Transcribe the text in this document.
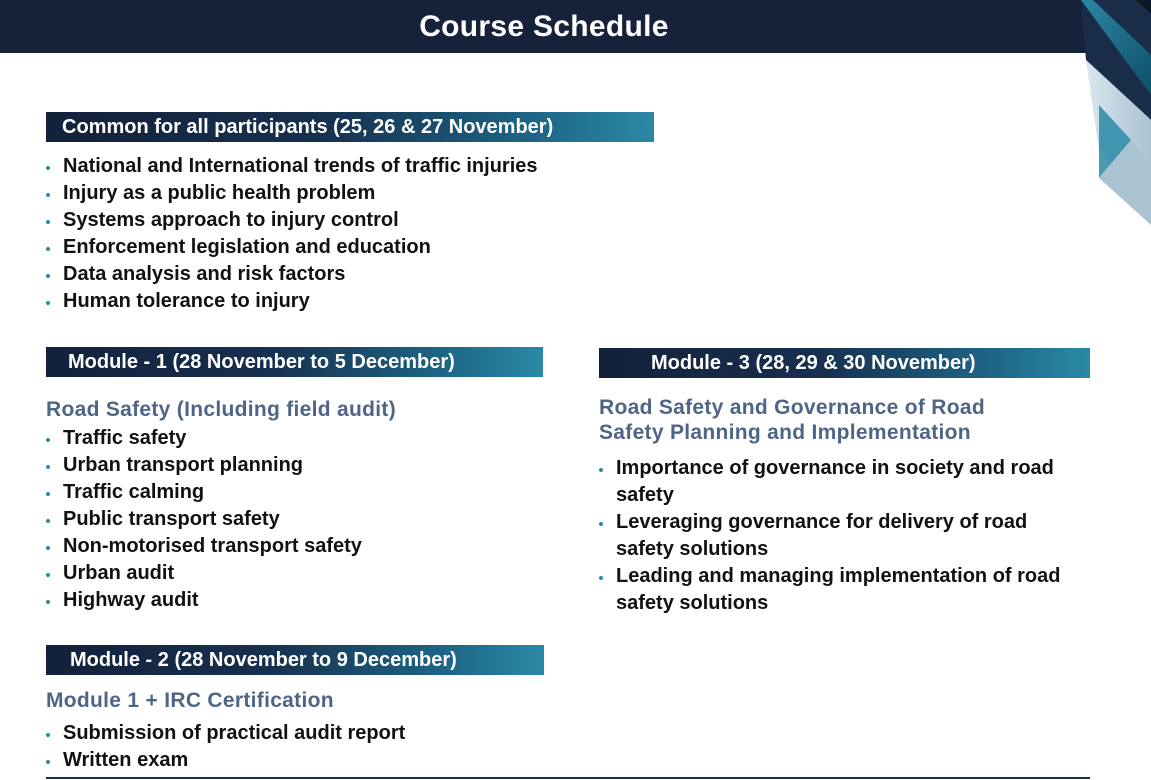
Course Schedule
Common for all participants (25, 26 & 27 November)
National and International trends of traffic injuries
Injury as a public health problem
Systems approach to injury control
Enforcement legislation and education
Data analysis and risk factors
Human tolerance to injury
Module - 1 (28 November to 5 December)
Road Safety (Including field audit)
Traffic safety
Urban transport planning
Traffic calming
Public transport safety
Non-motorised transport safety
Urban audit
Highway audit
Module - 2 (28 November to 9 December)
Module 1 + IRC Certification
Submission of practical audit report
Written exam
Module - 3 (28, 29 & 30 November)
Road Safety and Governance of Road
Safety Planning and Implementation
Importance of governance in society and road
safety
Leveraging governance for delivery of road
safety solutions
Leading and managing implementation of road
safety solutions
